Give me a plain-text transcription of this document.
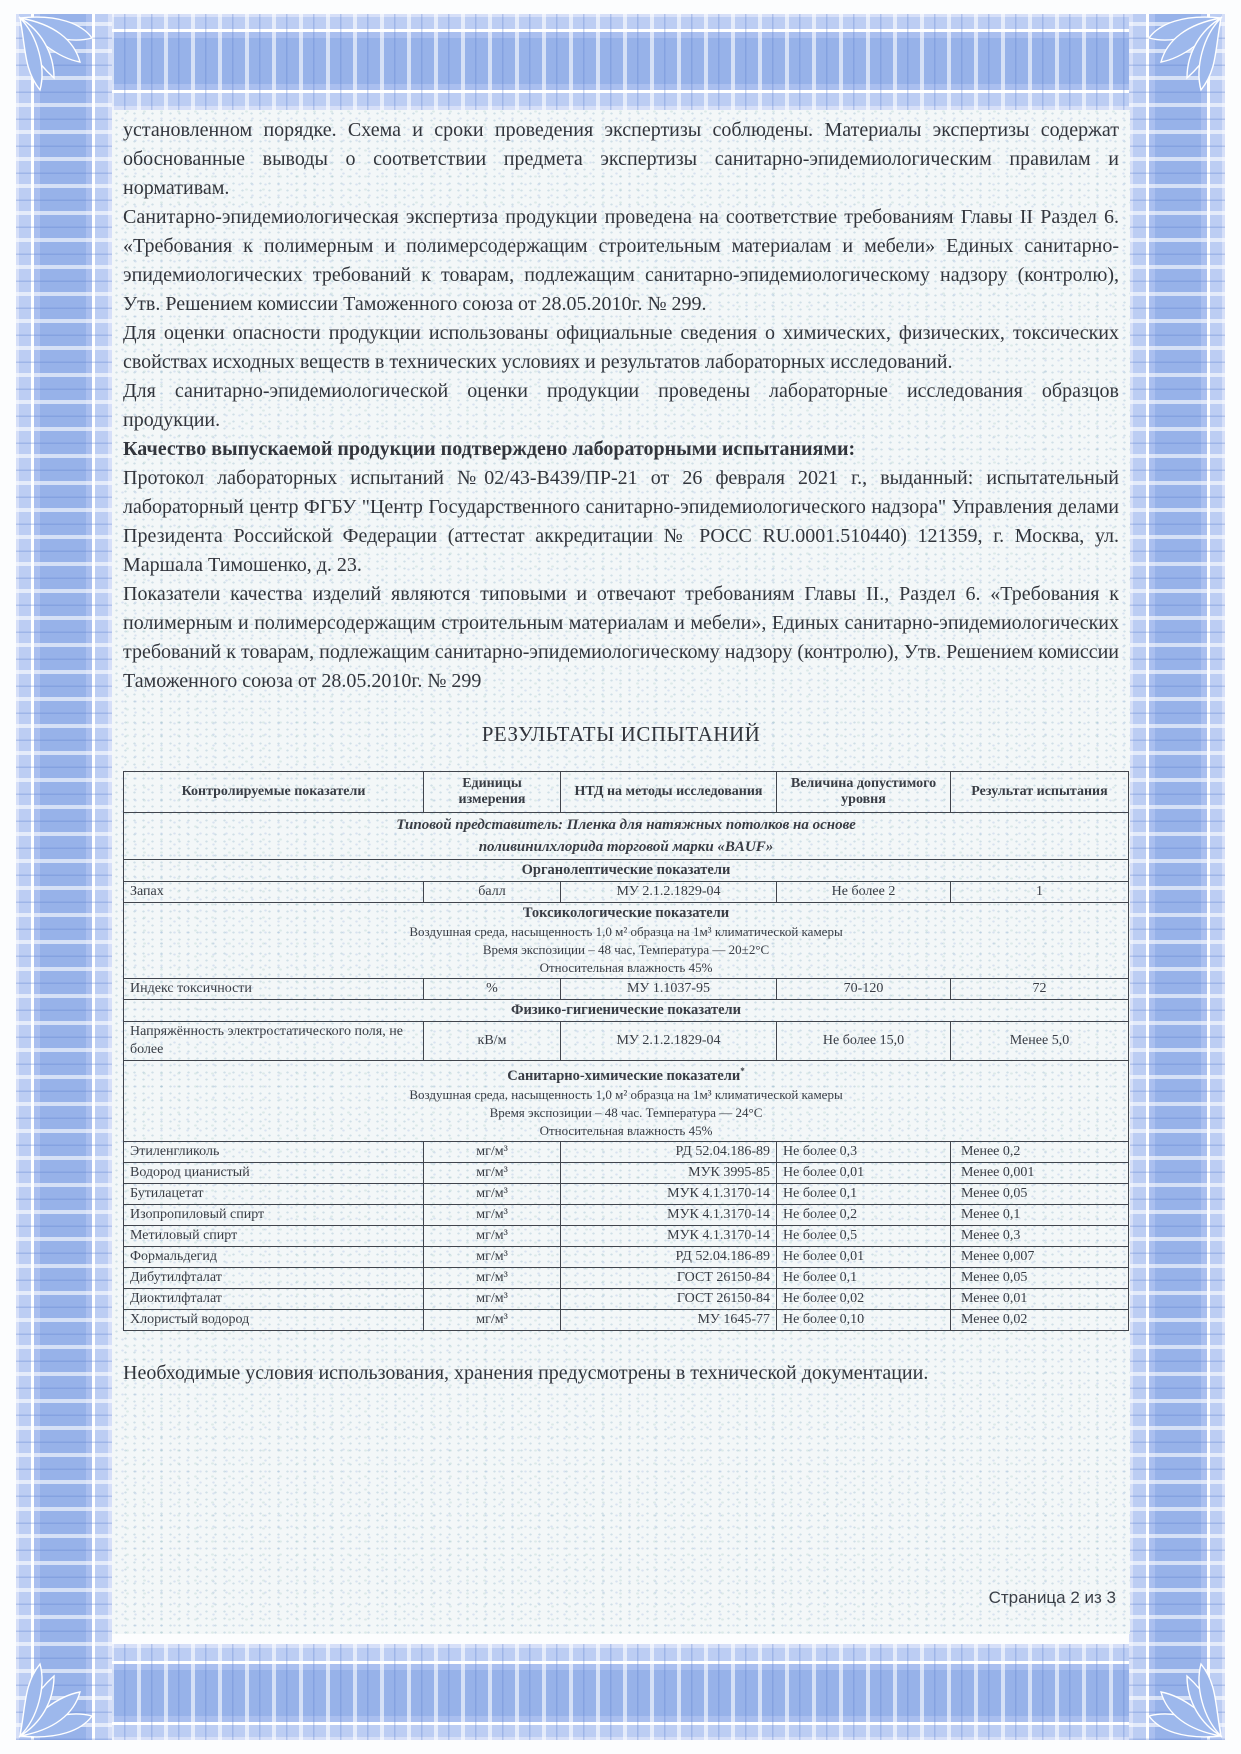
установленном порядке. Схема и сроки проведения экспертизы соблюдены. Материалы экспертизы содержат обоснованные выводы о соответствии предмета экспертизы санитарно-эпидемиологическим правилам и нормативам.

Санитарно-эпидемиологическая экспертиза продукции проведена на соответствие требованиям Главы II Раздел 6. «Требования к полимерным и полимерсодержащим строительным материалам и мебели» Единых санитарно-эпидемиологических требований к товарам, подлежащим санитарно-эпидемиологическому надзору (контролю), Утв. Решением комиссии Таможенного союза от 28.05.2010г. № 299.

Для оценки опасности продукции использованы официальные сведения о химических, физических, токсических свойствах исходных веществ в технических условиях и результатов лабораторных исследований.

Для санитарно-эпидемиологической оценки продукции проведены лабораторные исследования образцов продукции.

Качество выпускаемой продукции подтверждено лабораторными испытаниями:

Протокол лабораторных испытаний №02/43-В439/ПР-21 от 26 февраля 2021 г., выданный: испытательный лабораторный центр ФГБУ "Центр Государственного санитарно-эпидемиологического надзора" Управления делами Президента Российской Федерации (аттестат аккредитации № РОСС RU.0001.510440) 121359, г. Москва, ул. Маршала Тимошенко, д. 23.

Показатели качества изделий являются типовыми и отвечают требованиям Главы II., Раздел 6. «Требования к полимерным и полимерсодержащим строительным материалам и мебели», Единых санитарно-эпидемиологических требований к товарам, подлежащим санитарно-эпидемиологическому надзору (контролю), Утв. Решением комиссии Таможенного союза от 28.05.2010г. № 299

РЕЗУЛЬТАТЫ ИСПЫТАНИЙ
Контролируемые показатели	Единицы измерения	НТД на методы исследования	Величина допустимого уровня	Результат испытания
Типовой представитель: Пленка для натяжных потолков на основе
поливинилхлорида торговой марки «BAUF»				

Органолептические показатели				

Запах	балл	МУ 2.1.2.1829-04	Не более 2	1

Токсикологические показатели
Воздушная среда, насыщенность 1,0 м² образца на 1м³ климатической камеры
Время экспозиции – 48 час, Температура — 20±2°С
Относительная влажность 45%				

Индекс токсичности	%	МУ 1.1037-95	70-120	72

Физико-гигиенические показатели				

Напряжённость электростатического поля, не более	кВ/м	МУ 2.1.2.1829-04	Не более 15,0	Менее 5,0

Санитарно-химические показатели*
Воздушная среда, насыщенность 1,0 м² образца на 1м³ климатической камеры
Время экспозиции – 48 час. Температура — 24°С
Относительная влажность 45%				

Этиленгликоль	мг/м³	РД 52.04.186-89	Не более 0,3	Менее 0,2
Водород цианистый	мг/м³	МУК 3995-85	Не более 0,01	Менее 0,001
Бутилацетат	мг/м³	МУК 4.1.3170-14	Не более 0,1	Менее 0,05
Изопропиловый спирт	мг/м³	МУК 4.1.3170-14	Не более 0,2	Менее 0,1
Метиловый спирт	мг/м³	МУК 4.1.3170-14	Не более 0,5	Менее 0,3
Формальдегид	мг/м³	РД 52.04.186-89	Не более 0,01	Менее 0,007
Дибутилфталат	мг/м³	ГОСТ 26150-84	Не более 0,1	Менее 0,05
Диоктилфталат	мг/м³	ГОСТ 26150-84	Не более 0,02	Менее 0,01
Хлористый водород	мг/м³	МУ 1645-77	Не более 0,10	Менее 0,02

Необходимые условия использования, хранения предусмотрены в технической документации.

Страница 2 из 3
